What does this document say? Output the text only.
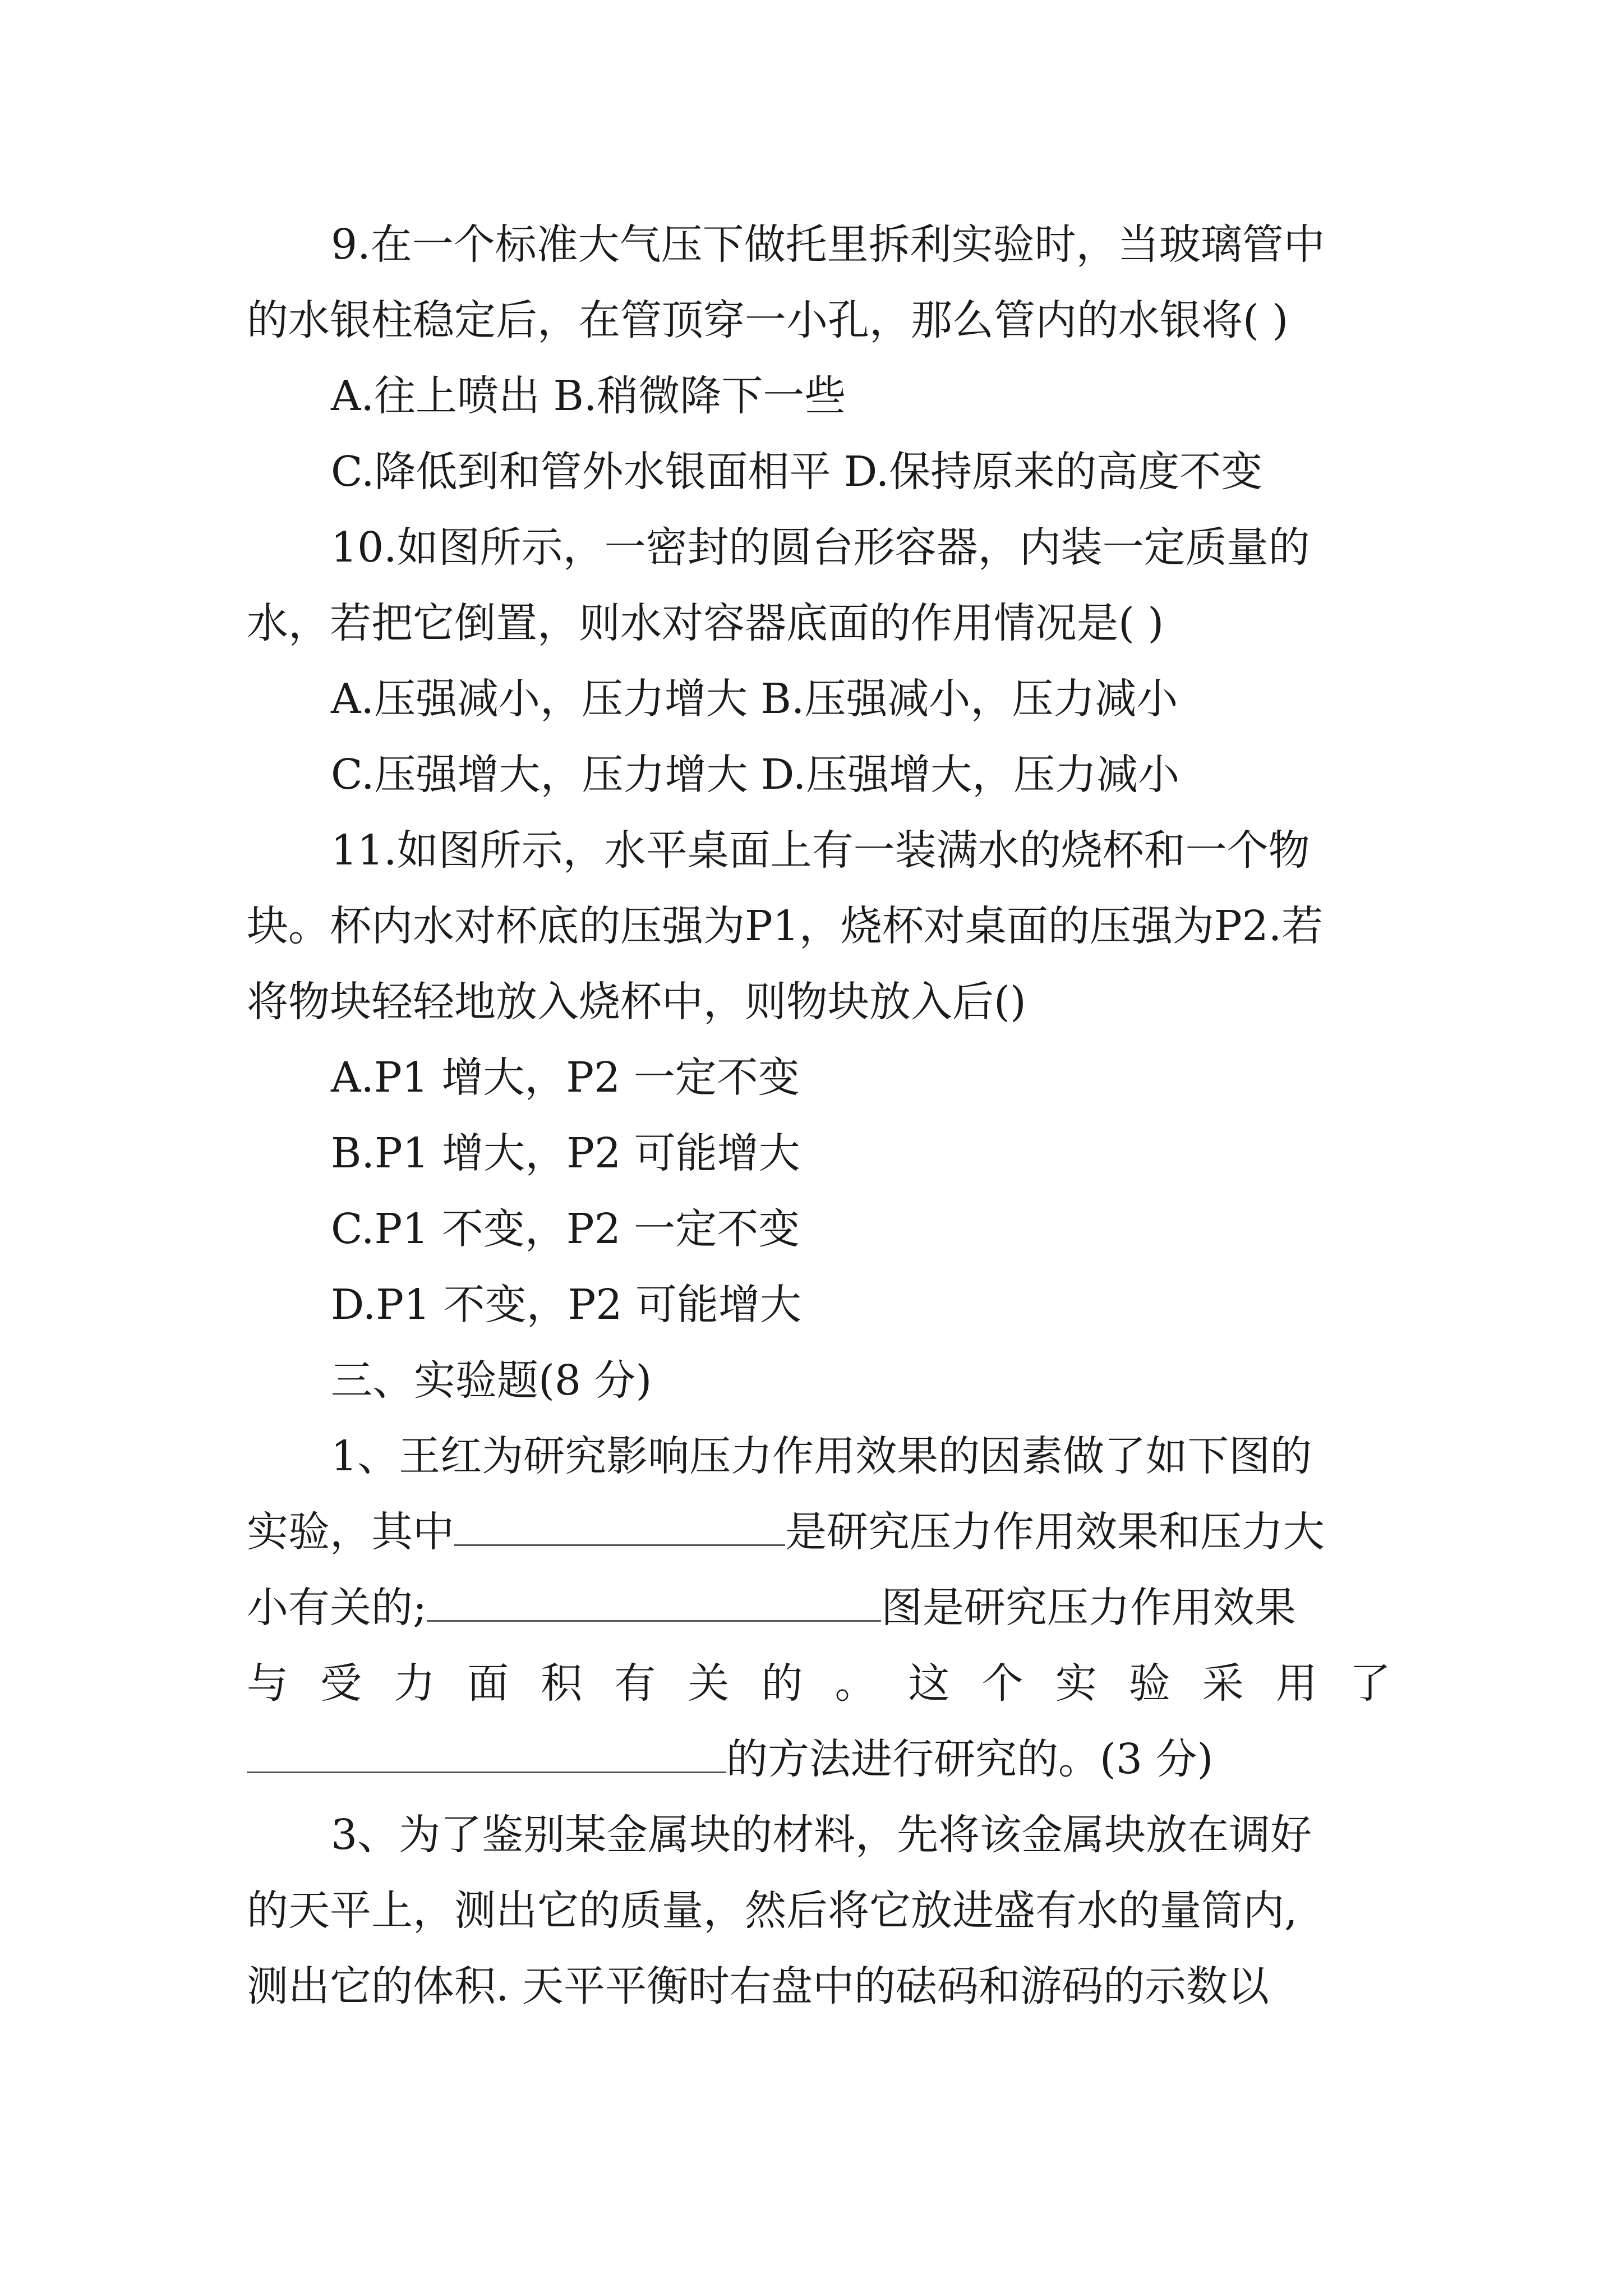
9.在一个标准大气压下做托里拆利实验时，当玻璃管中
的水银柱稳定后，在管顶穿一小孔，那么管内的水银将( )
A.往上喷出 B.稍微降下一些
C.降低到和管外水银面相平 D.保持原来的高度不变
10.如图所示，一密封的圆台形容器，内装一定质量的
水，若把它倒置，则水对容器底面的作用情况是( )
A.压强减小，压力增大 B.压强减小，压力减小
C.压强增大，压力增大 D.压强增大，压力减小
11.如图所示，水平桌面上有一装满水的烧杯和一个物
块。杯内水对杯底的压强为P1，烧杯对桌面的压强为P2.若
将物块轻轻地放入烧杯中，则物块放入后()
A.P1 增大，P2 一定不变
B.P1 增大，P2 可能增大
C.P1 不变，P2 一定不变
D.P1 不变，P2 可能增大
三、实验题(8 分)
1、王红为研究影响压力作用效果的因素做了如下图的
实验，其中	是研究压力作用效果和压力大
小有关的;	图是研究压力作用效果
与 受 力 面 积 有 关 的 。 这 个 实 验 采 用 了
的方法进行研究的。(3 分)
3、为了鉴别某金属块的材料，先将该金属块放在调好
的天平上，测出它的质量，然后将它放进盛有水的量筒内,
测出它的体积. 天平平衡时右盘中的砝码和游码的示数以
